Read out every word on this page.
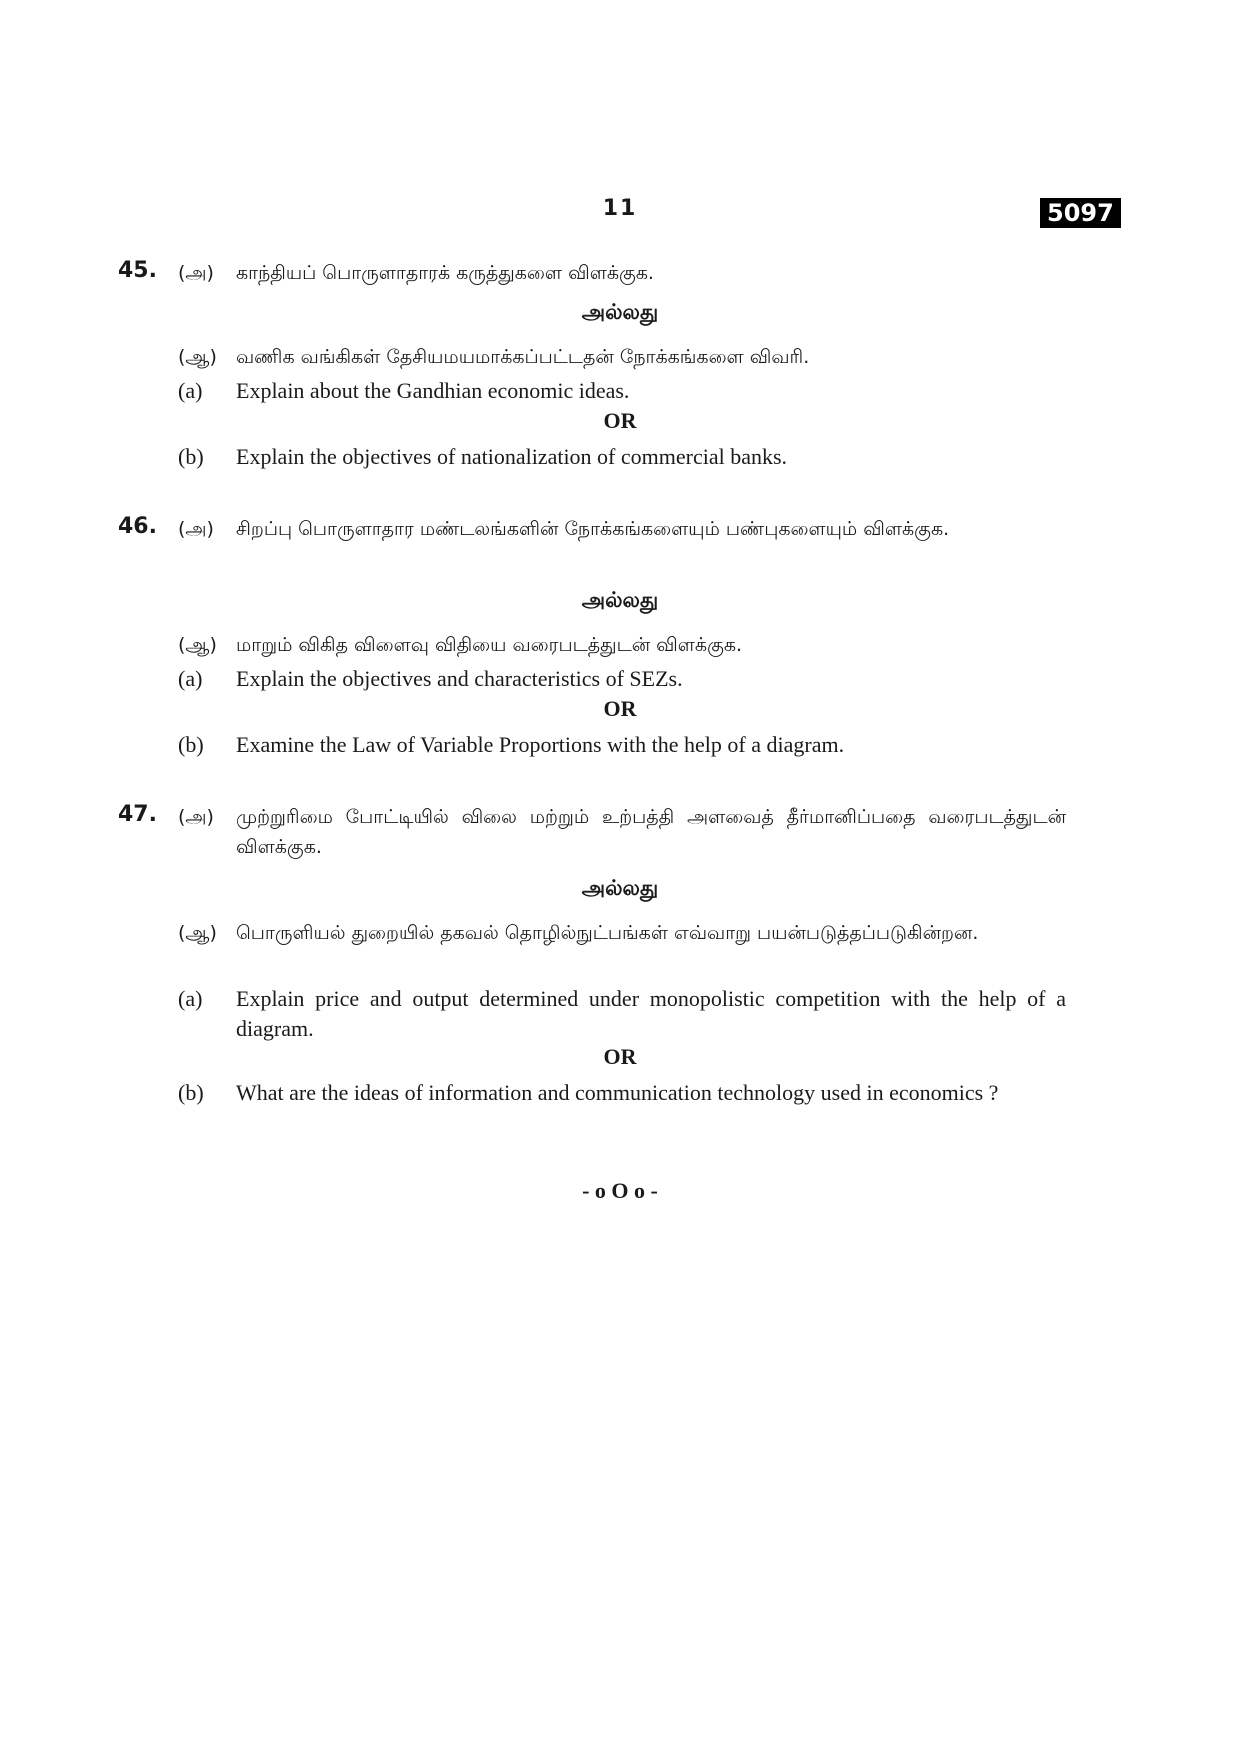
11	5097
45. (அ) காந்தியப் பொருளாதாரக் கருத்துகளை விளக்குக.
அல்லது
(ஆ) வணிக வங்கிகள் தேசியமயமாக்கப்பட்டதன் நோக்கங்களை விவரி.
(a) Explain about the Gandhian economic ideas.
OR
(b) Explain the objectives of nationalization of commercial banks.
46. (அ) சிறப்பு பொருளாதார மண்டலங்களின் நோக்கங்களையும் பண்புகளையும் விளக்குக.
அல்லது
(ஆ) மாறும் விகித விளைவு விதியை வரைபடத்துடன் விளக்குக.
(a) Explain the objectives and characteristics of SEZs.
OR
(b) Examine the Law of Variable Proportions with the help of a diagram.
47. (அ) முற்றுரிமை போட்டியில் விலை மற்றும் உற்பத்தி அளவைத் தீர்மானிப்பதை வரைபடத்துடன் விளக்குக.
அல்லது
(ஆ) பொருளியல் துறையில் தகவல் தொழில்நுட்பங்கள் எவ்வாறு பயன்படுத்தப்படுகின்றன.
(a) Explain price and output determined under monopolistic competition with the help of a diagram.
OR
(b) What are the ideas of information and communication technology used in economics ?
- o O o -
